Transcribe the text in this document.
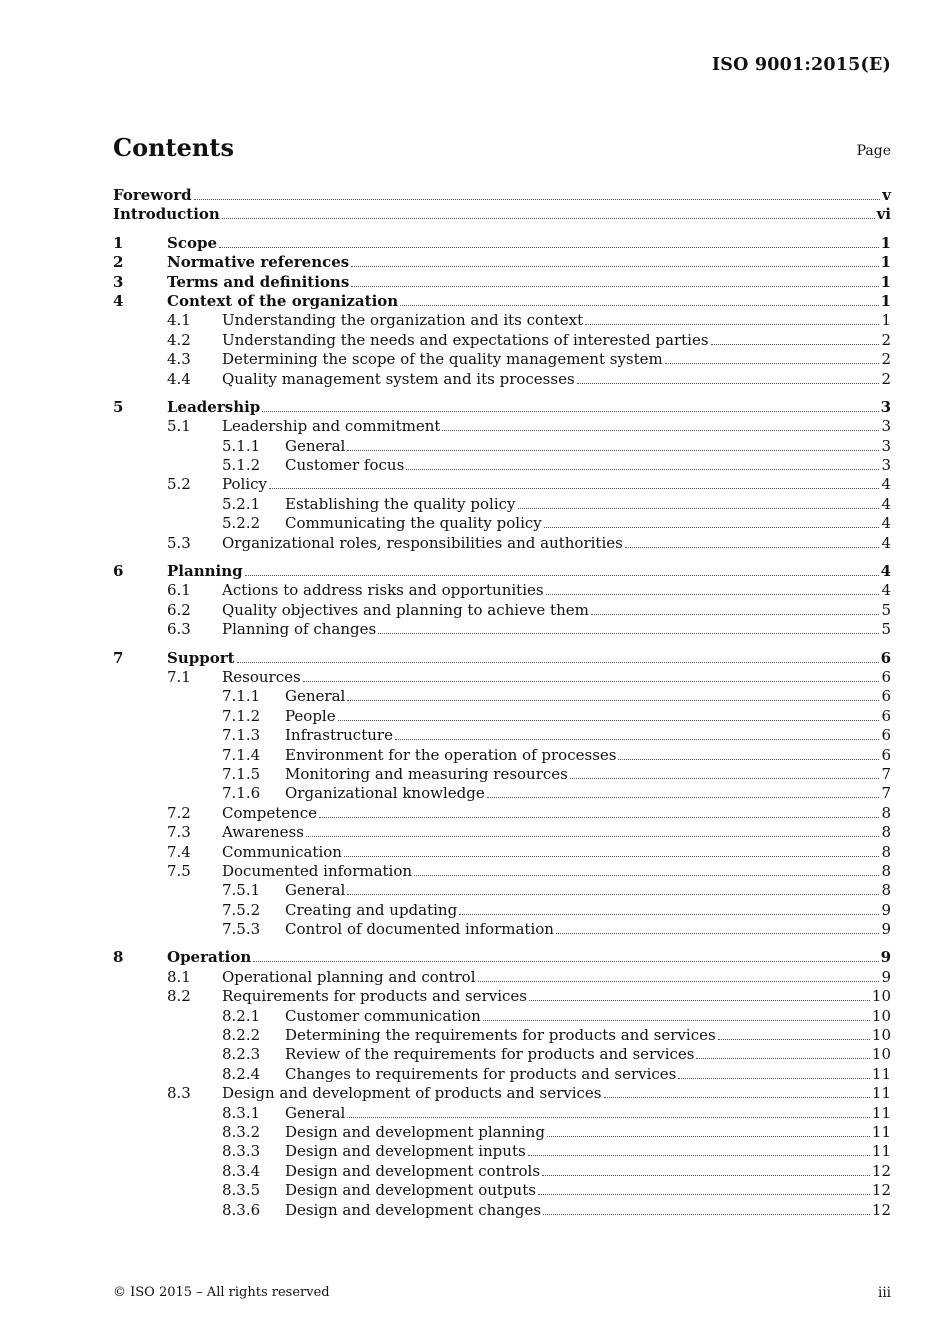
ISO 9001:2015(E)
Contents	Page
Foreword	v
Introduction	vi
1	Scope	1
2	Normative references	1
3	Terms and definitions	1
4	Context of the organization	1
4.1 Understanding the organization and its context	1
4.2 Understanding the needs and expectations of interested parties	2
4.3 Determining the scope of the quality management system	2
4.4 Quality management system and its processes	2
5	Leadership	3
5.1 Leadership and commitment	3
5.1.1 General	3
5.1.2 Customer focus	3
5.2 Policy	4
5.2.1 Establishing the quality policy	4
5.2.2 Communicating the quality policy	4
5.3 Organizational roles, responsibilities and authorities	4
6	Planning	4
6.1 Actions to address risks and opportunities	4
6.2 Quality objectives and planning to achieve them	5
6.3 Planning of changes	5
7	Support	6
7.1 Resources	6
7.1.1 General	6
7.1.2 People	6
7.1.3 Infrastructure	6
7.1.4 Environment for the operation of processes	6
7.1.5 Monitoring and measuring resources	7
7.1.6 Organizational knowledge	7
7.2 Competence	8
7.3 Awareness	8
7.4 Communication	8
7.5 Documented information	8
7.5.1 General	8
7.5.2 Creating and updating	9
7.5.3 Control of documented information	9
8	Operation	9
8.1 Operational planning and control	9
8.2 Requirements for products and services	10
8.2.1 Customer communication	10
8.2.2 Determining the requirements for products and services	10
8.2.3 Review of the requirements for products and services	10
8.2.4 Changes to requirements for products and services	11
8.3 Design and development of products and services	11
8.3.1 General	11
8.3.2 Design and development planning	11
8.3.3 Design and development inputs	11
8.3.4 Design and development controls	12
8.3.5 Design and development outputs	12
8.3.6 Design and development changes	12
© ISO 2015 – All rights reserved	iii
